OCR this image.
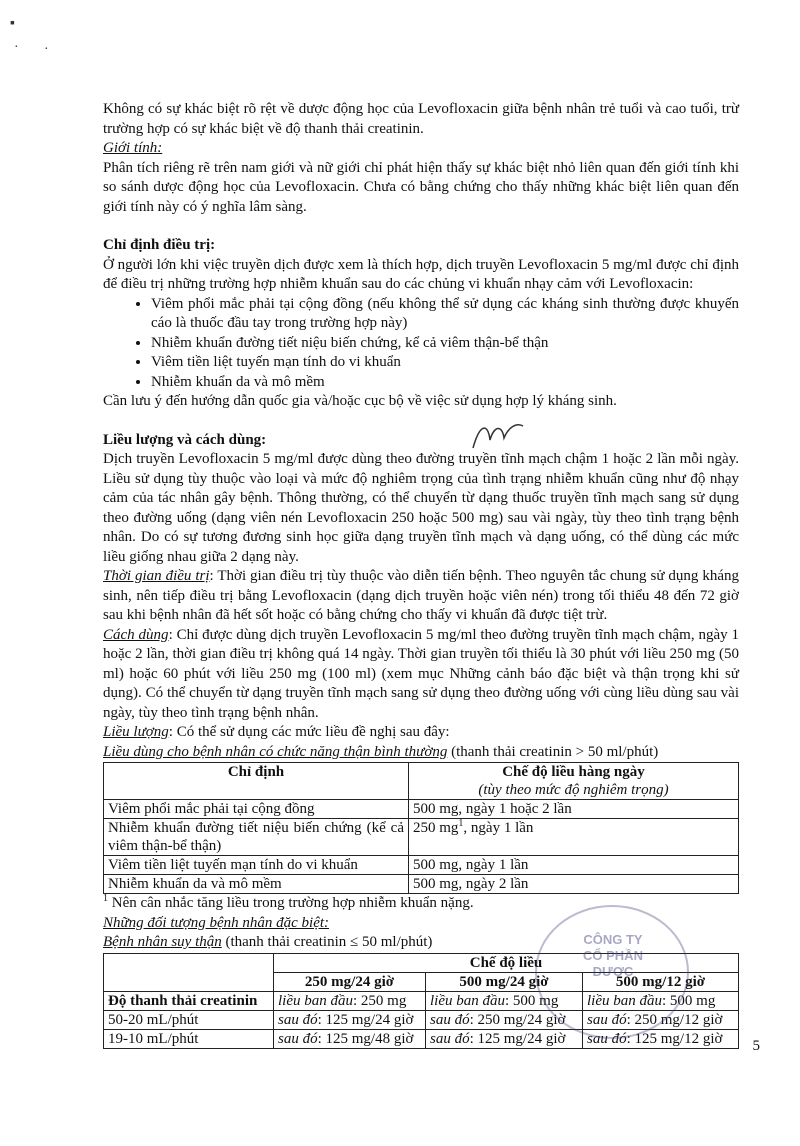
▪
· ·

Không có sự khác biệt rõ rệt về dược động học của Levofloxacin giữa bệnh nhân trẻ tuổi và cao tuổi, trừ trường hợp có sự khác biệt về độ thanh thải creatinin.

Giới tính:

Phân tích riêng rẽ trên nam giới và nữ giới chỉ phát hiện thấy sự khác biệt nhỏ liên quan đến giới tính khi so sánh dược động học của Levofloxacin. Chưa có bằng chứng cho thấy những khác biệt liên quan đến giới tính này có ý nghĩa lâm sàng.

Chỉ định điều trị:

Ở người lớn khi việc truyền dịch được xem là thích hợp, dịch truyền Levofloxacin 5 mg/ml được chỉ định để điều trị những trường hợp nhiễm khuẩn sau do các chủng vi khuẩn nhạy cảm với Levofloxacin:

• Viêm phổi mắc phải tại cộng đồng (nếu không thể sử dụng các kháng sinh thường được khuyến cáo là thuốc đầu tay trong trường hợp này)
• Nhiễm khuẩn đường tiết niệu biến chứng, kể cả viêm thận-bể thận
• Viêm tiền liệt tuyến mạn tính do vi khuẩn
• Nhiễm khuẩn da và mô mềm

Cần lưu ý đến hướng dẫn quốc gia và/hoặc cục bộ về việc sử dụng hợp lý kháng sinh.

Liều lượng và cách dùng:

Dịch truyền Levofloxacin 5 mg/ml được dùng theo đường truyền tĩnh mạch chậm 1 hoặc 2 lần mỗi ngày. Liều sử dụng tùy thuộc vào loại và mức độ nghiêm trọng của tình trạng nhiễm khuẩn cũng như độ nhạy cảm của tác nhân gây bệnh. Thông thường, có thể chuyển từ dạng thuốc truyền tĩnh mạch sang sử dụng theo đường uống (dạng viên nén Levofloxacin 250 hoặc 500 mg) sau vài ngày, tùy theo tình trạng bệnh nhân. Do có sự tương đương sinh học giữa dạng truyền tĩnh mạch và dạng uống, có thể dùng các mức liều giống nhau giữa 2 dạng này.

Thời gian điều trị: Thời gian điều trị tùy thuộc vào diễn tiến bệnh. Theo nguyên tắc chung sử dụng kháng sinh, nên tiếp điều trị bằng Levofloxacin (dạng dịch truyền hoặc viên nén) trong tối thiểu 48 đến 72 giờ sau khi bệnh nhân đã hết sốt hoặc có bằng chứng cho thấy vi khuẩn đã được tiệt trừ.

Cách dùng: Chỉ được dùng dịch truyền Levofloxacin 5 mg/ml theo đường truyền tĩnh mạch chậm, ngày 1 hoặc 2 lần, thời gian điều trị không quá 14 ngày. Thời gian truyền tối thiểu là 30 phút với liều 250 mg (50 ml) hoặc 60 phút với liều 250 mg (100 ml) (xem mục Những cảnh báo đặc biệt và thận trọng khi sử dụng). Có thể chuyển từ dạng truyền tĩnh mạch sang sử dụng theo đường uống với cùng liều dùng sau vài ngày, tùy theo tình trạng bệnh nhân.

Liều lượng: Có thể sử dụng các mức liều đề nghị sau đây:

Liều dùng cho bệnh nhân có chức năng thận bình thường (thanh thải creatinin > 50 ml/phút)

Chỉ định	Chế độ liều hàng ngày
(tùy theo mức độ nghiêm trọng)

Viêm phổi mắc phải tại cộng đồng	500 mg, ngày 1 hoặc 2 lần
Nhiễm khuẩn đường tiết niệu biến chứng (kể cả viêm thận-bể thận)	250 $mg^1$, ngày 1 lần
Viêm tiền liệt tuyến mạn tính do vi khuẩn	500 mg, ngày 1 lần
Nhiễm khuẩn da và mô mềm	500 mg, ngày 2 lần

$^1$ Nên cân nhắc tăng liều trong trường hợp nhiễm khuẩn nặng.

Những đối tượng bệnh nhân đặc biệt:

Bệnh nhân suy thận (thanh thải creatinin ≤ 50 ml/phút)

	Chế độ liều		
	250 mg/24 giờ	500 mg/24 giờ	500 mg/12 giờ
Độ thanh thải creatinin	liều ban đầu: 250 mg	liều ban đầu: 500 mg	liều ban đầu: 500 mg
50-20 mL/phút	sau đó: 125 mg/24 giờ	sau đó: 250 mg/24 giờ	sau đó: 250 mg/12 giờ
19-10 mL/phút	sau đó: 125 mg/48 giờ	sau đó: 125 mg/24 giờ	sau đó: 125 mg/12 giờ
CÔNG TY
CỔ PHẦN
DƯỢC
5
